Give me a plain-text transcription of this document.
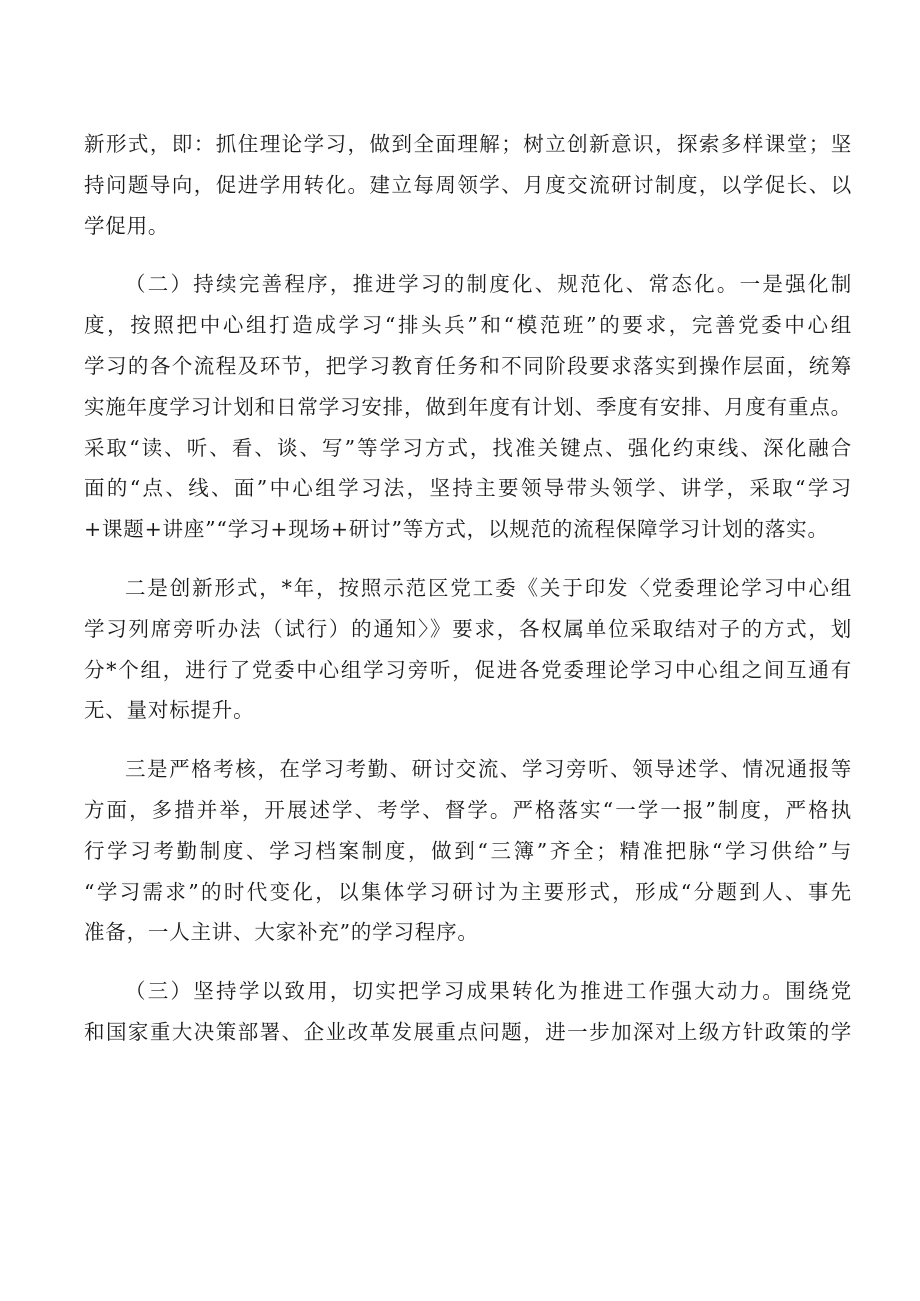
新形式，即：抓住理论学习，做到全面理解；树立创新意识，探索多样课堂；坚
持问题导向，促进学用转化。建立每周领学、月度交流研讨制度，以学促长、以
学促用。
（二）持续完善程序，推进学习的制度化、规范化、常态化。一是强化制
度，按照把中心组打造成学习“排头兵”和“模范班”的要求，完善党委中心组
学习的各个流程及环节，把学习教育任务和不同阶段要求落实到操作层面，统筹
实施年度学习计划和日常学习安排，做到年度有计划、季度有安排、月度有重点。
采取“读、听、看、谈、写”等学习方式，找准关键点、强化约束线、深化融合
面的“点、线、面”中心组学习法，坚持主要领导带头领学、讲学，采取“学习
+课题+讲座”“学习+现场+研讨”等方式，以规范的流程保障学习计划的落实。
二是创新形式，*年，按照示范区党工委《关于印发〈党委理论学习中心组
学习列席旁听办法（试行）的通知〉》要求，各权属单位采取结对子的方式，划
分*个组，进行了党委中心组学习旁听，促进各党委理论学习中心组之间互通有
无、量对标提升。
三是严格考核，在学习考勤、研讨交流、学习旁听、领导述学、情况通报等
方面，多措并举，开展述学、考学、督学。严格落实“一学一报”制度，严格执
行学习考勤制度、学习档案制度，做到“三簿”齐全；精准把脉“学习供给”与
“学习需求”的时代变化，以集体学习研讨为主要形式，形成“分题到人、事先
准备，一人主讲、大家补充”的学习程序。
（三）坚持学以致用，切实把学习成果转化为推进工作强大动力。围绕党
和国家重大决策部署、企业改革发展重点问题，进一步加深对上级方针政策的学
